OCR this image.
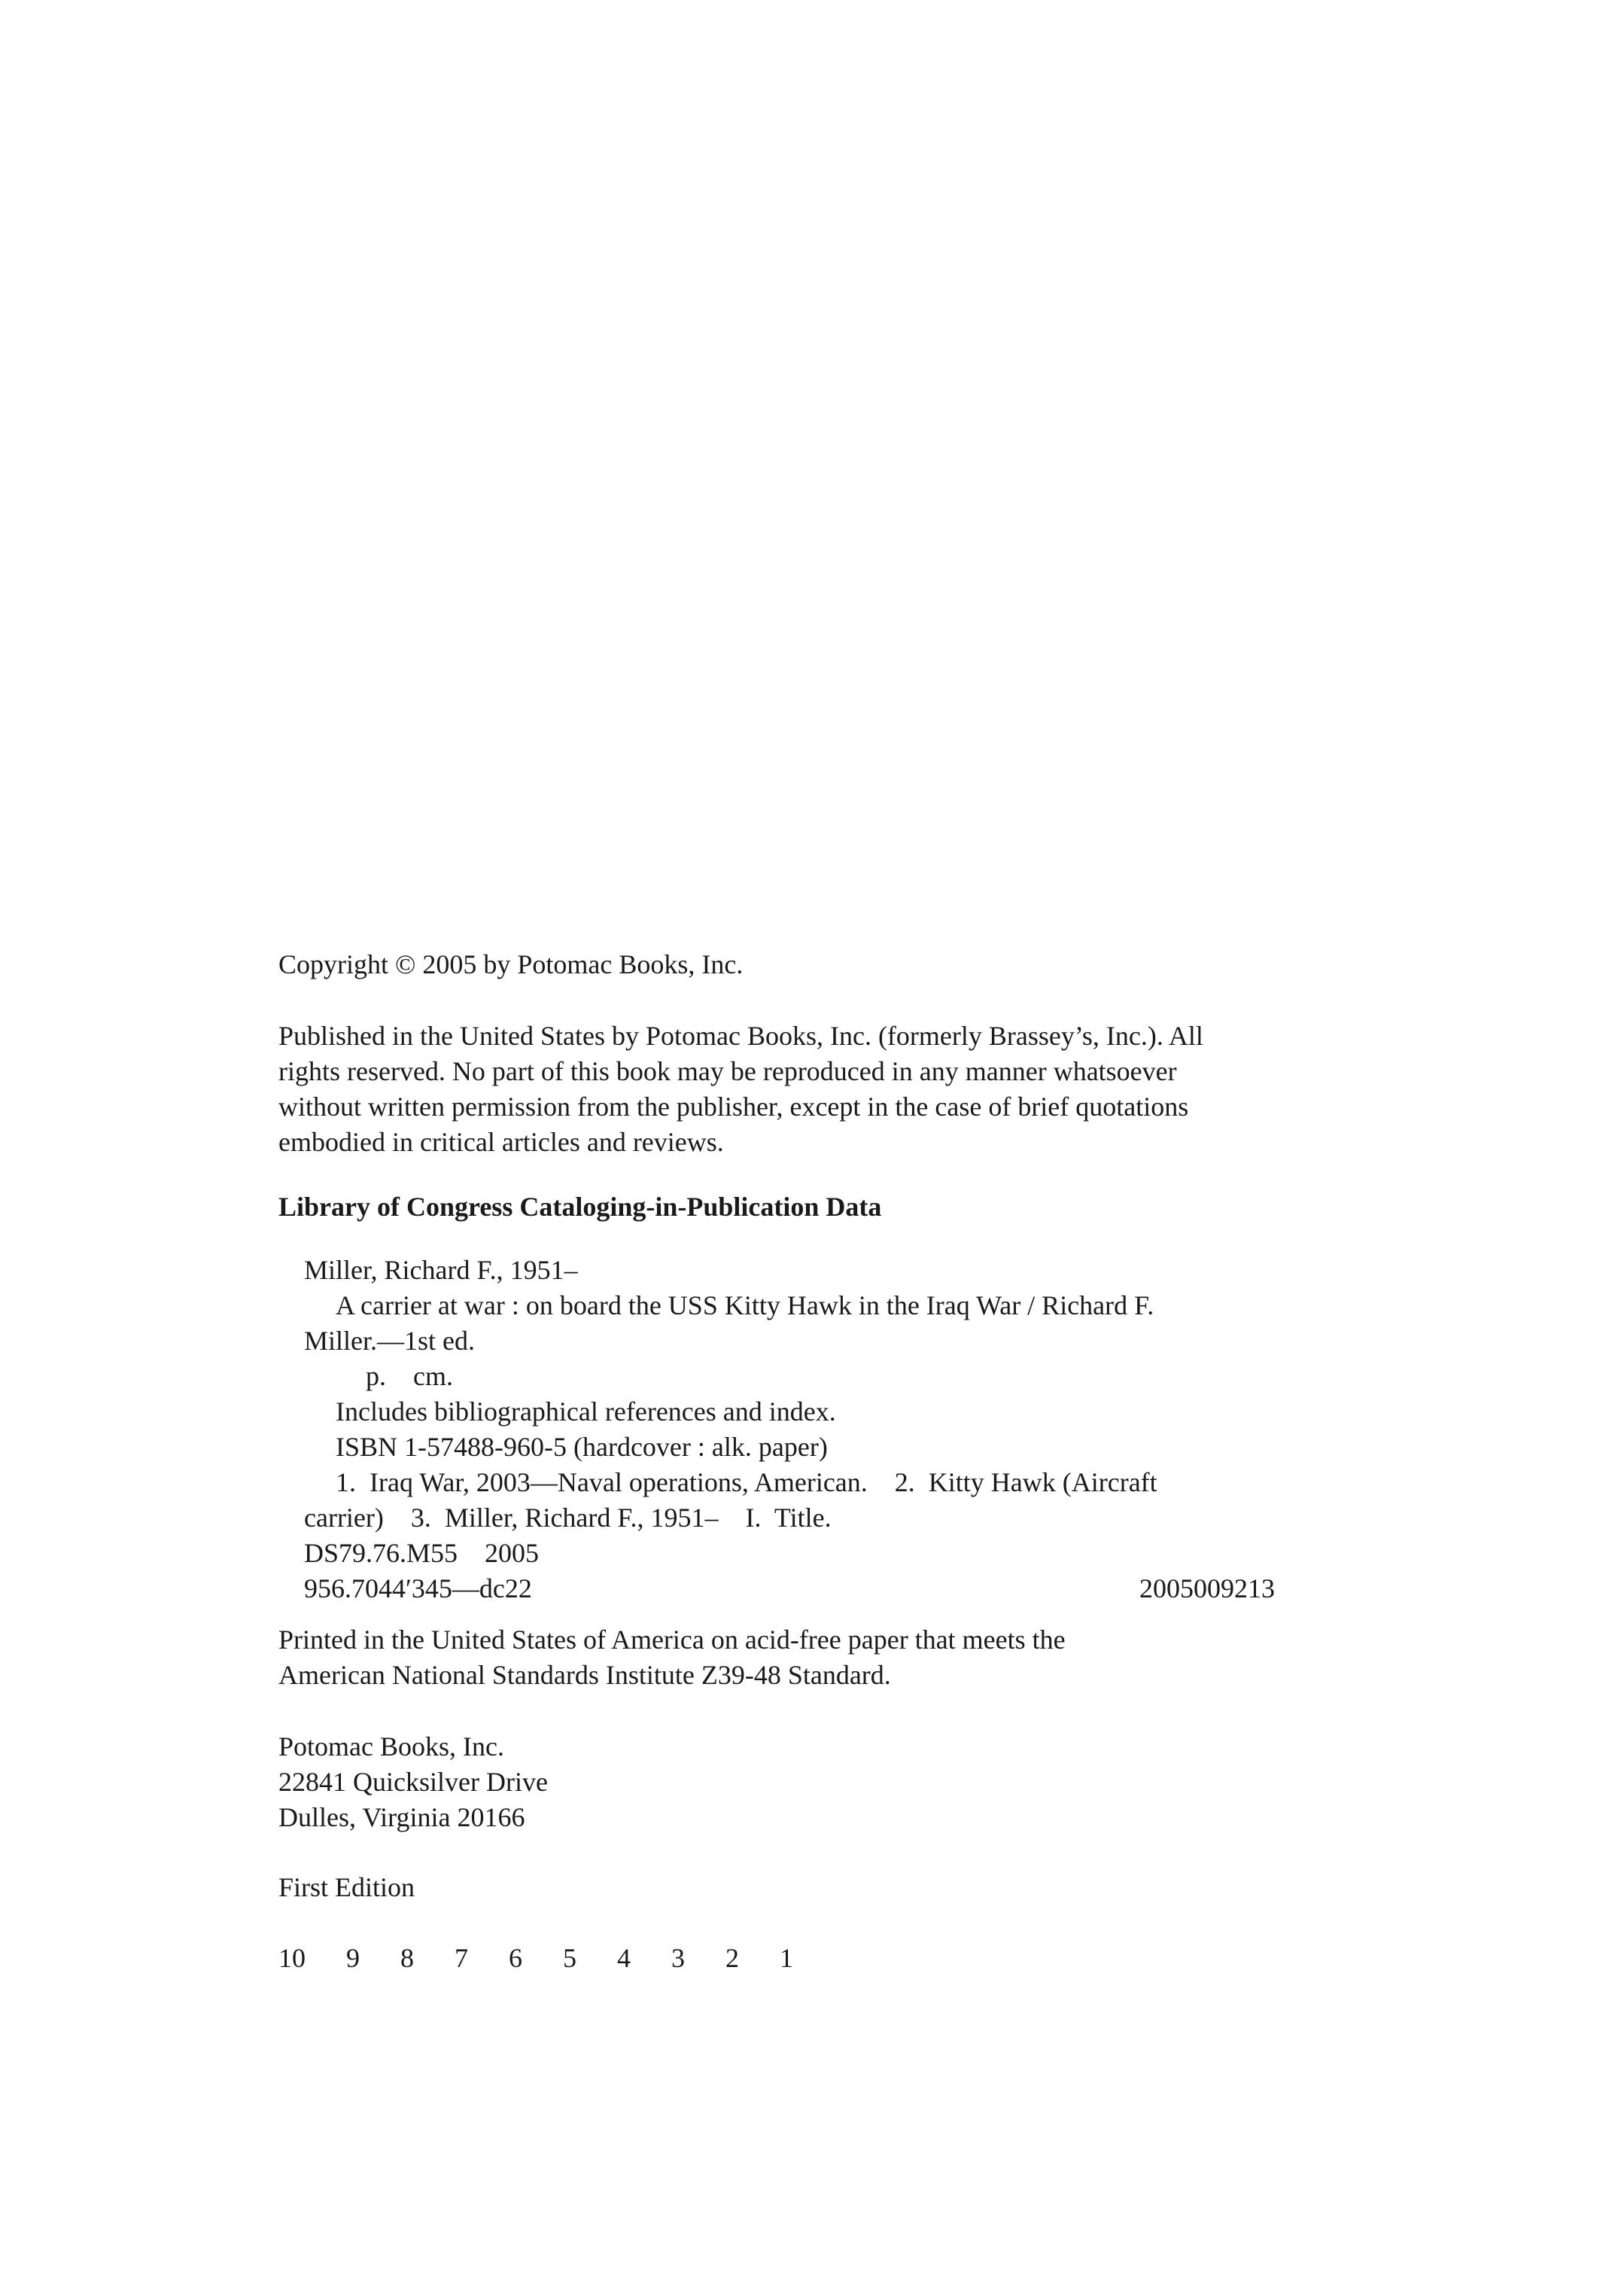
Copyright © 2005 by Potomac Books, Inc.
Published in the United States by Potomac Books, Inc. (formerly Brassey’s, Inc.). All
rights reserved. No part of this book may be reproduced in any manner whatsoever
without written permission from the publisher, except in the case of brief quotations
embodied in critical articles and reviews.
Library of Congress Cataloging-in-Publication Data
Miller, Richard F., 1951–
A carrier at war : on board the USS Kitty Hawk in the Iraq War / Richard F.
Miller.—1st ed.
p.    cm.
Includes bibliographical references and index.
ISBN 1-57488-960-5 (hardcover : alk. paper)
1.  Iraq War, 2003—Naval operations, American.    2.  Kitty Hawk (Aircraft
carrier)    3.  Miller, Richard F., 1951–    I.  Title.
DS79.76.M55    2005
956.7044′345—dc22	2005009213
Printed in the United States of America on acid-free paper that meets the
American National Standards Institute Z39-48 Standard.
Potomac Books, Inc.
22841 Quicksilver Drive
Dulles, Virginia 20166
First Edition
10  9  8  7  6  5  4  3  2  1
